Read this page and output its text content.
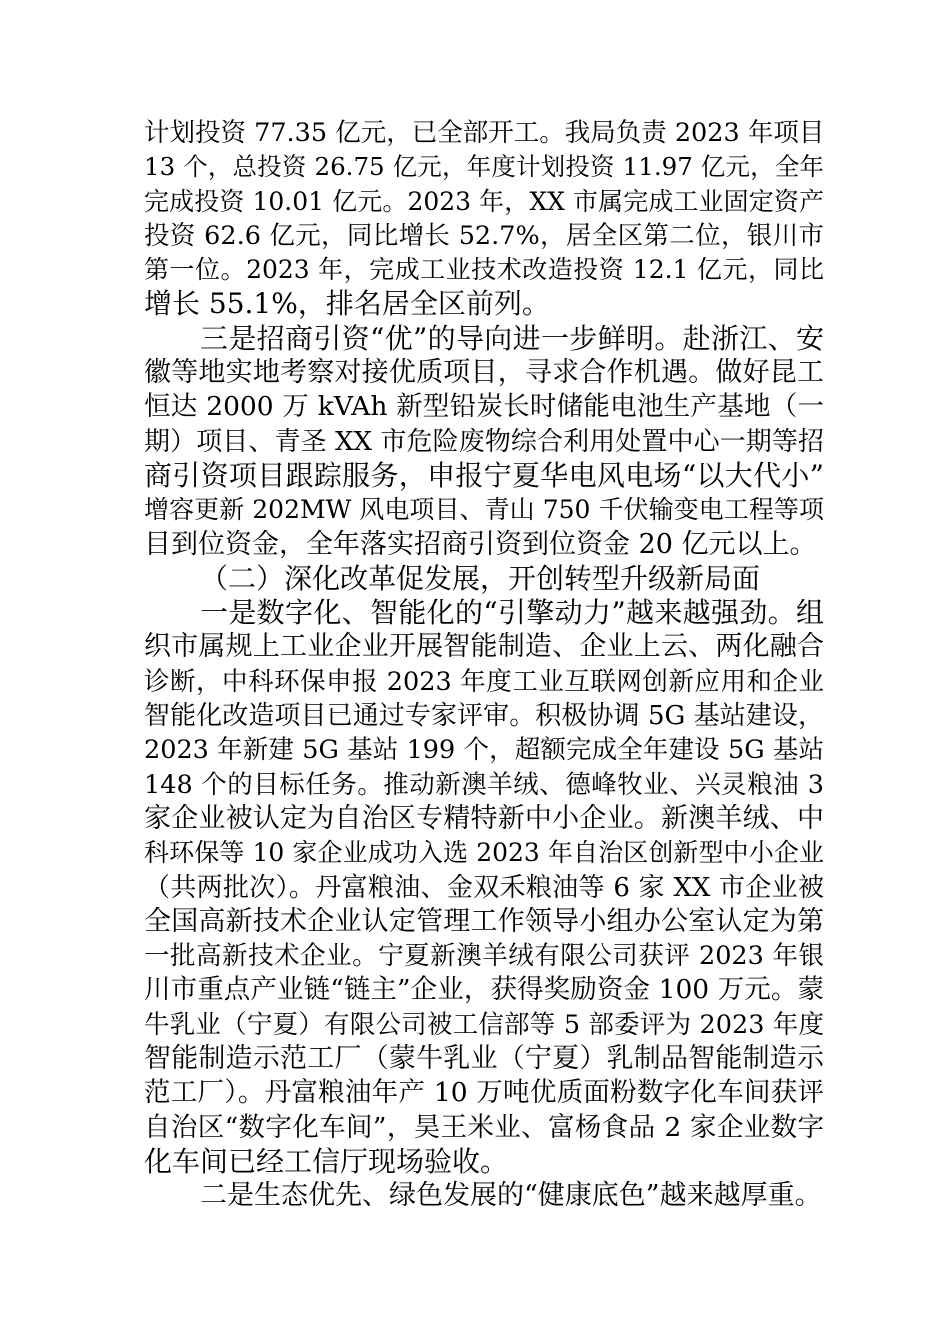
计划投资 77.35 亿元，已全部开工。我局负责 2023 年项目
13 个，总投资 26.75 亿元，年度计划投资 11.97 亿元，全年
完成投资 10.01 亿元。2023 年，XX 市属完成工业固定资产
投资 62.6 亿元，同比增长 52.7%，居全区第二位，银川市
第一位。2023 年，完成工业技术改造投资 12.1 亿元，同比
增长 55.1%，排名居全区前列。
三是招商引资“优”的导向进一步鲜明。赴浙江、安
徽等地实地考察对接优质项目，寻求合作机遇。做好昆工
恒达 2000 万 kVAh 新型铅炭长时储能电池生产基地（一
期）项目、青圣 XX 市危险废物综合利用处置中心一期等招
商引资项目跟踪服务，申报宁夏华电风电场“以大代小”
增容更新 202MW 风电项目、青山 750 千伏输变电工程等项
目到位资金，全年落实招商引资到位资金 20 亿元以上。
（二）深化改革促发展，开创转型升级新局面
一是数字化、智能化的“引擎动力”越来越强劲。组
织市属规上工业企业开展智能制造、企业上云、两化融合
诊断，中科环保申报 2023 年度工业互联网创新应用和企业
智能化改造项目已通过专家评审。积极协调 5G 基站建设，
2023 年新建 5G 基站 199 个，超额完成全年建设 5G 基站
148 个的目标任务。推动新澳羊绒、德峰牧业、兴灵粮油 3
家企业被认定为自治区专精特新中小企业。新澳羊绒、中
科环保等 10 家企业成功入选 2023 年自治区创新型中小企业
（共两批次）。丹富粮油、金双禾粮油等 6 家 XX 市企业被
全国高新技术企业认定管理工作领导小组办公室认定为第
一批高新技术企业。宁夏新澳羊绒有限公司获评 2023 年银
川市重点产业链“链主”企业，获得奖励资金 100 万元。蒙
牛乳业（宁夏）有限公司被工信部等 5 部委评为 2023 年度
智能制造示范工厂（蒙牛乳业（宁夏）乳制品智能制造示
范工厂）。丹富粮油年产 10 万吨优质面粉数字化车间获评
自治区“数字化车间”，昊王米业、富杨食品 2 家企业数字
化车间已经工信厅现场验收。
二是生态优先、绿色发展的“健康底色”越来越厚重。
